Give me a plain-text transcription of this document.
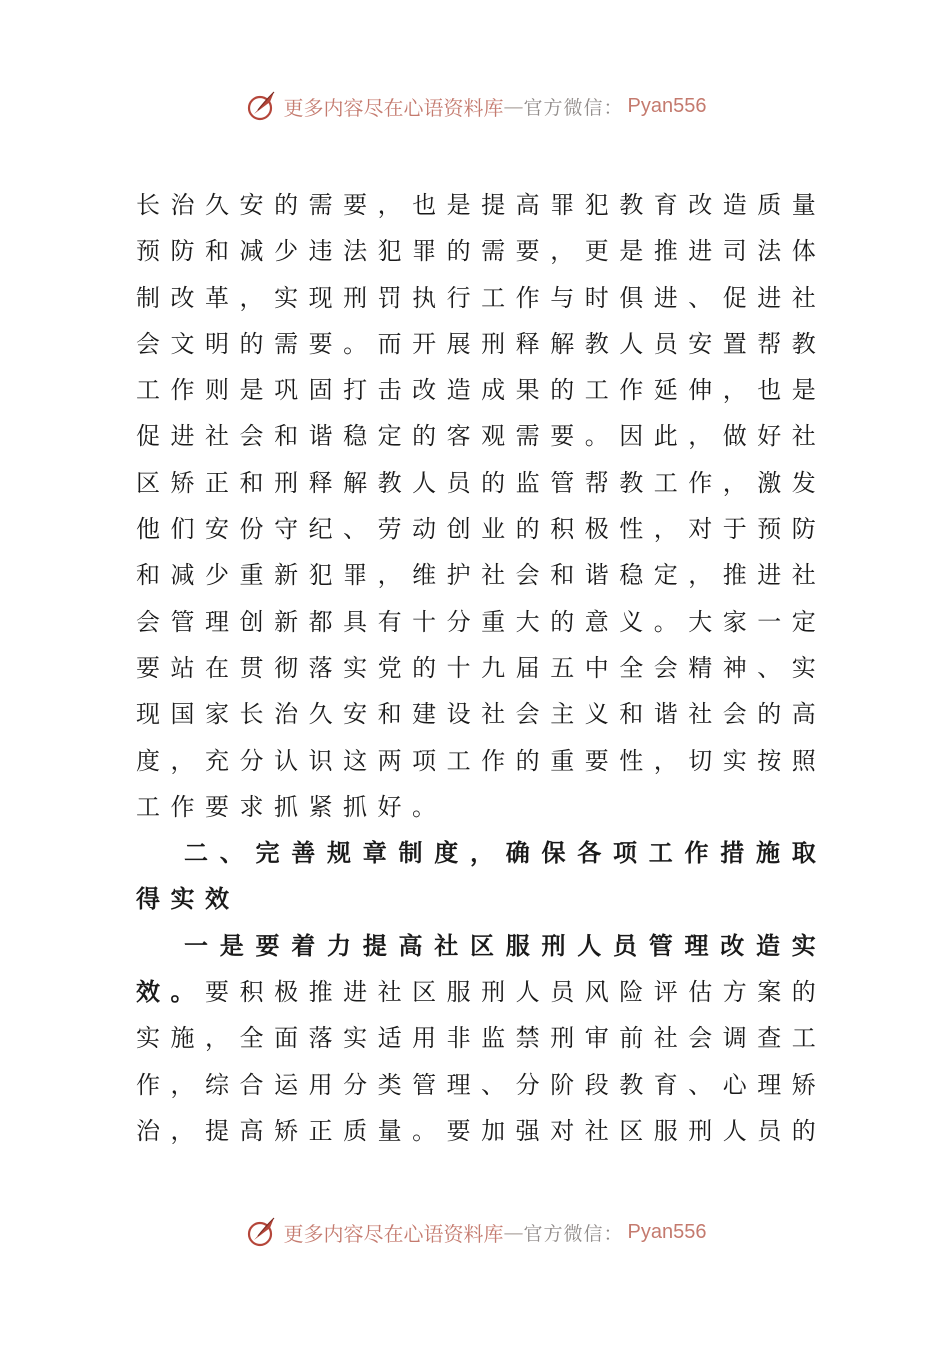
更多内容尽在心语资料库 — 官方微信： Pyan556
长 治 久 安 的 需 要 ， 也 是 提 高 罪 犯 教 育 改 造 质 量
预 防 和 减 少 违 法 犯 罪 的 需 要 ， 更 是 推 进 司 法 体
制 改 革 ， 实 现 刑 罚 执 行 工 作 与 时 俱 进 、 促 进 社
会 文 明 的 需 要 。 而 开 展 刑 释 解 教 人 员 安 置 帮 教
工 作 则 是 巩 固 打 击 改 造 成 果 的 工 作 延 伸 ， 也 是
促 进 社 会 和 谐 稳 定 的 客 观 需 要 。 因 此 ， 做 好 社
区 矫 正 和 刑 释 解 教 人 员 的 监 管 帮 教 工 作 ， 激 发
他 们 安 份 守 纪 、 劳 动 创 业 的 积 极 性 ， 对 于 预 防
和 减 少 重 新 犯 罪 ， 维 护 社 会 和 谐 稳 定 ， 推 进 社
会 管 理 创 新 都 具 有 十 分 重 大 的 意 义 。 大 家 一 定
要 站 在 贯 彻 落 实 党 的 十 九 届 五 中 全 会 精 神 、 实
现 国 家 长 治 久 安 和 建 设 社 会 主 义 和 谐 社 会 的 高
度 ， 充 分 认 识 这 两 项 工 作 的 重 要 性 ， 切 实 按 照
工 作 要 求 抓 紧 抓 好 。
二 、 完 善 规 章 制 度 ， 确 保 各 项 工 作 措 施 取
得 实 效
一 是 要 着 力 提 高 社 区 服 刑 人 员 管 理 改 造 实
效 。 要 积 极 推 进 社 区 服 刑 人 员 风 险 评 估 方 案 的
实 施 ， 全 面 落 实 适 用 非 监 禁 刑 审 前 社 会 调 查 工
作 ， 综 合 运 用 分 类 管 理 、 分 阶 段 教 育 、 心 理 矫
治 ， 提 高 矫 正 质 量 。 要 加 强 对 社 区 服 刑 人 员 的
更多内容尽在心语资料库 — 官方微信： Pyan556
